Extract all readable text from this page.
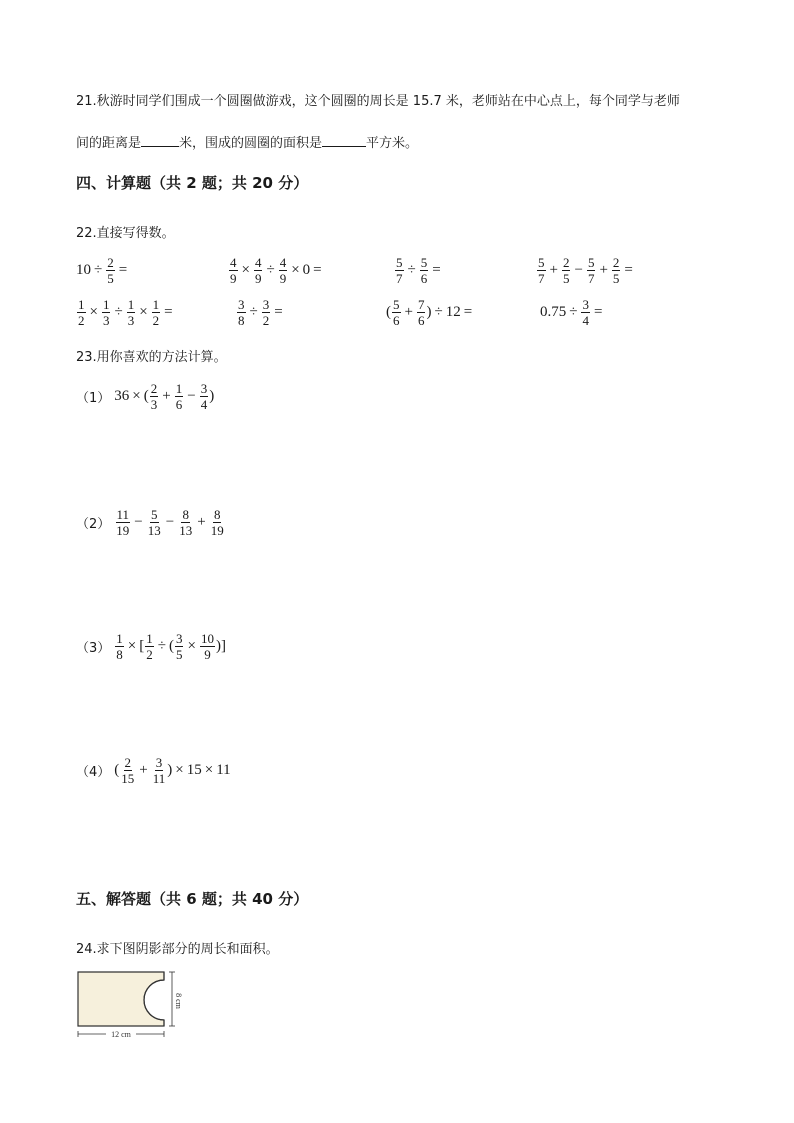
21.秋游时同学们围成一个圆圈做游戏，这个圆圈的周长是 15.7 米，老师站在中心点上，每个同学与老师
间的距离是	米，围成的圆圈的面积是	平方米。
四、计算题（共 2 题；共 20 分）
22.直接写得数。
$10 \div \frac{2}{5}$ =	$\frac{4}{9} \times \frac{4}{9} \div \frac{4}{9} \times 0$ =	$\frac{5}{7} \div \frac{5}{6}$ =	$\frac{5}{7} + \frac{2}{5} - \frac{5}{7} + \frac{2}{5}$ =
$\frac{1}{2} \times \frac{1}{3} \div \frac{1}{3} \times \frac{1}{2}$ =	$\frac{3}{8} \div \frac{3}{2}$ =	( $\frac{5}{6} + \frac{7}{6}$ ) ÷ 12 =	$0.75 \div \frac{3}{4}$ =
23.用你喜欢的方法计算。
（1） 36 × ( $\frac{2}{3} + \frac{1}{6} - \frac{3}{4}$ )
$(2) \frac{11}{19} - \frac{5}{13} - \frac{8}{13} + \frac{8}{19}$
$(3) \frac{1}{8}$ × [ $\frac{1}{2}$ ÷ ( $\frac{3}{5} \times \frac{10}{9}$ )]
（4） ( $\frac{2}{15} + \frac{3}{11}$ ) × 15 × 11
五、解答题（共 6 题；共 40 分）
24.求下图阴影部分的周长和面积。
8 cm
12 cm
